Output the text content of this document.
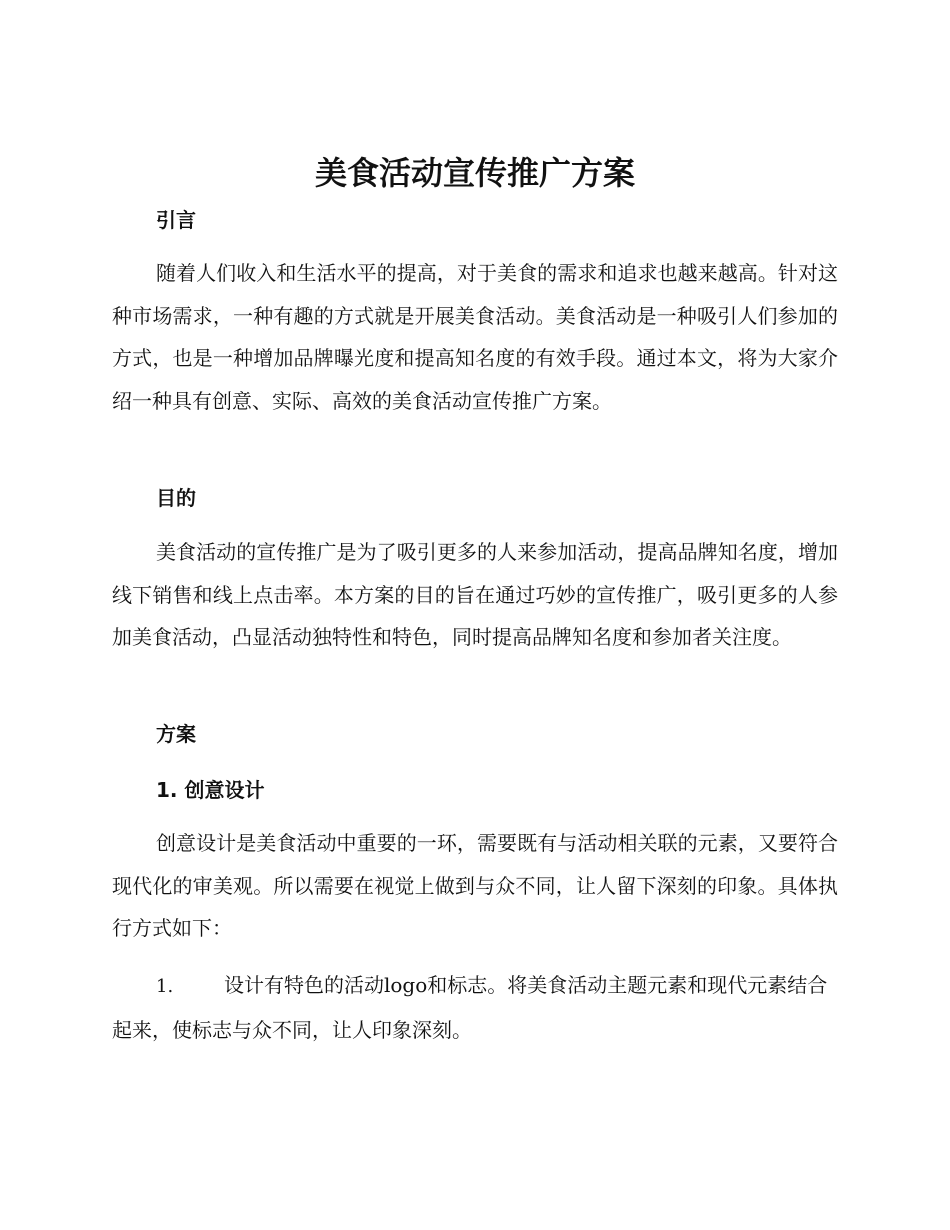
美食活动宣传推广方案
引言

随着人们收入和生活水平的提高，对于美食的需求和追求也越来越高。针对这种市场需求，一种有趣的方式就是开展美食活动。美食活动是一种吸引人们参加的方式，也是一种增加品牌曝光度和提高知名度的有效手段。通过本文，将为大家介绍一种具有创意、实际、高效的美食活动宣传推广方案。

目的

美食活动的宣传推广是为了吸引更多的人来参加活动，提高品牌知名度，增加线下销售和线上点击率。本方案的目的旨在通过巧妙的宣传推广，吸引更多的人参加美食活动，凸显活动独特性和特色，同时提高品牌知名度和参加者关注度。

方案
1. 创意设计

创意设计是美食活动中重要的一环，需要既有与活动相关联的元素，又要符合现代化的审美观。所以需要在视觉上做到与众不同，让人留下深刻的印象。具体执行方式如下：

1.	设计有特色的活动logo和标志。将美食活动主题元素和现代元素结合起来，使标志与众不同，让人印象深刻。
